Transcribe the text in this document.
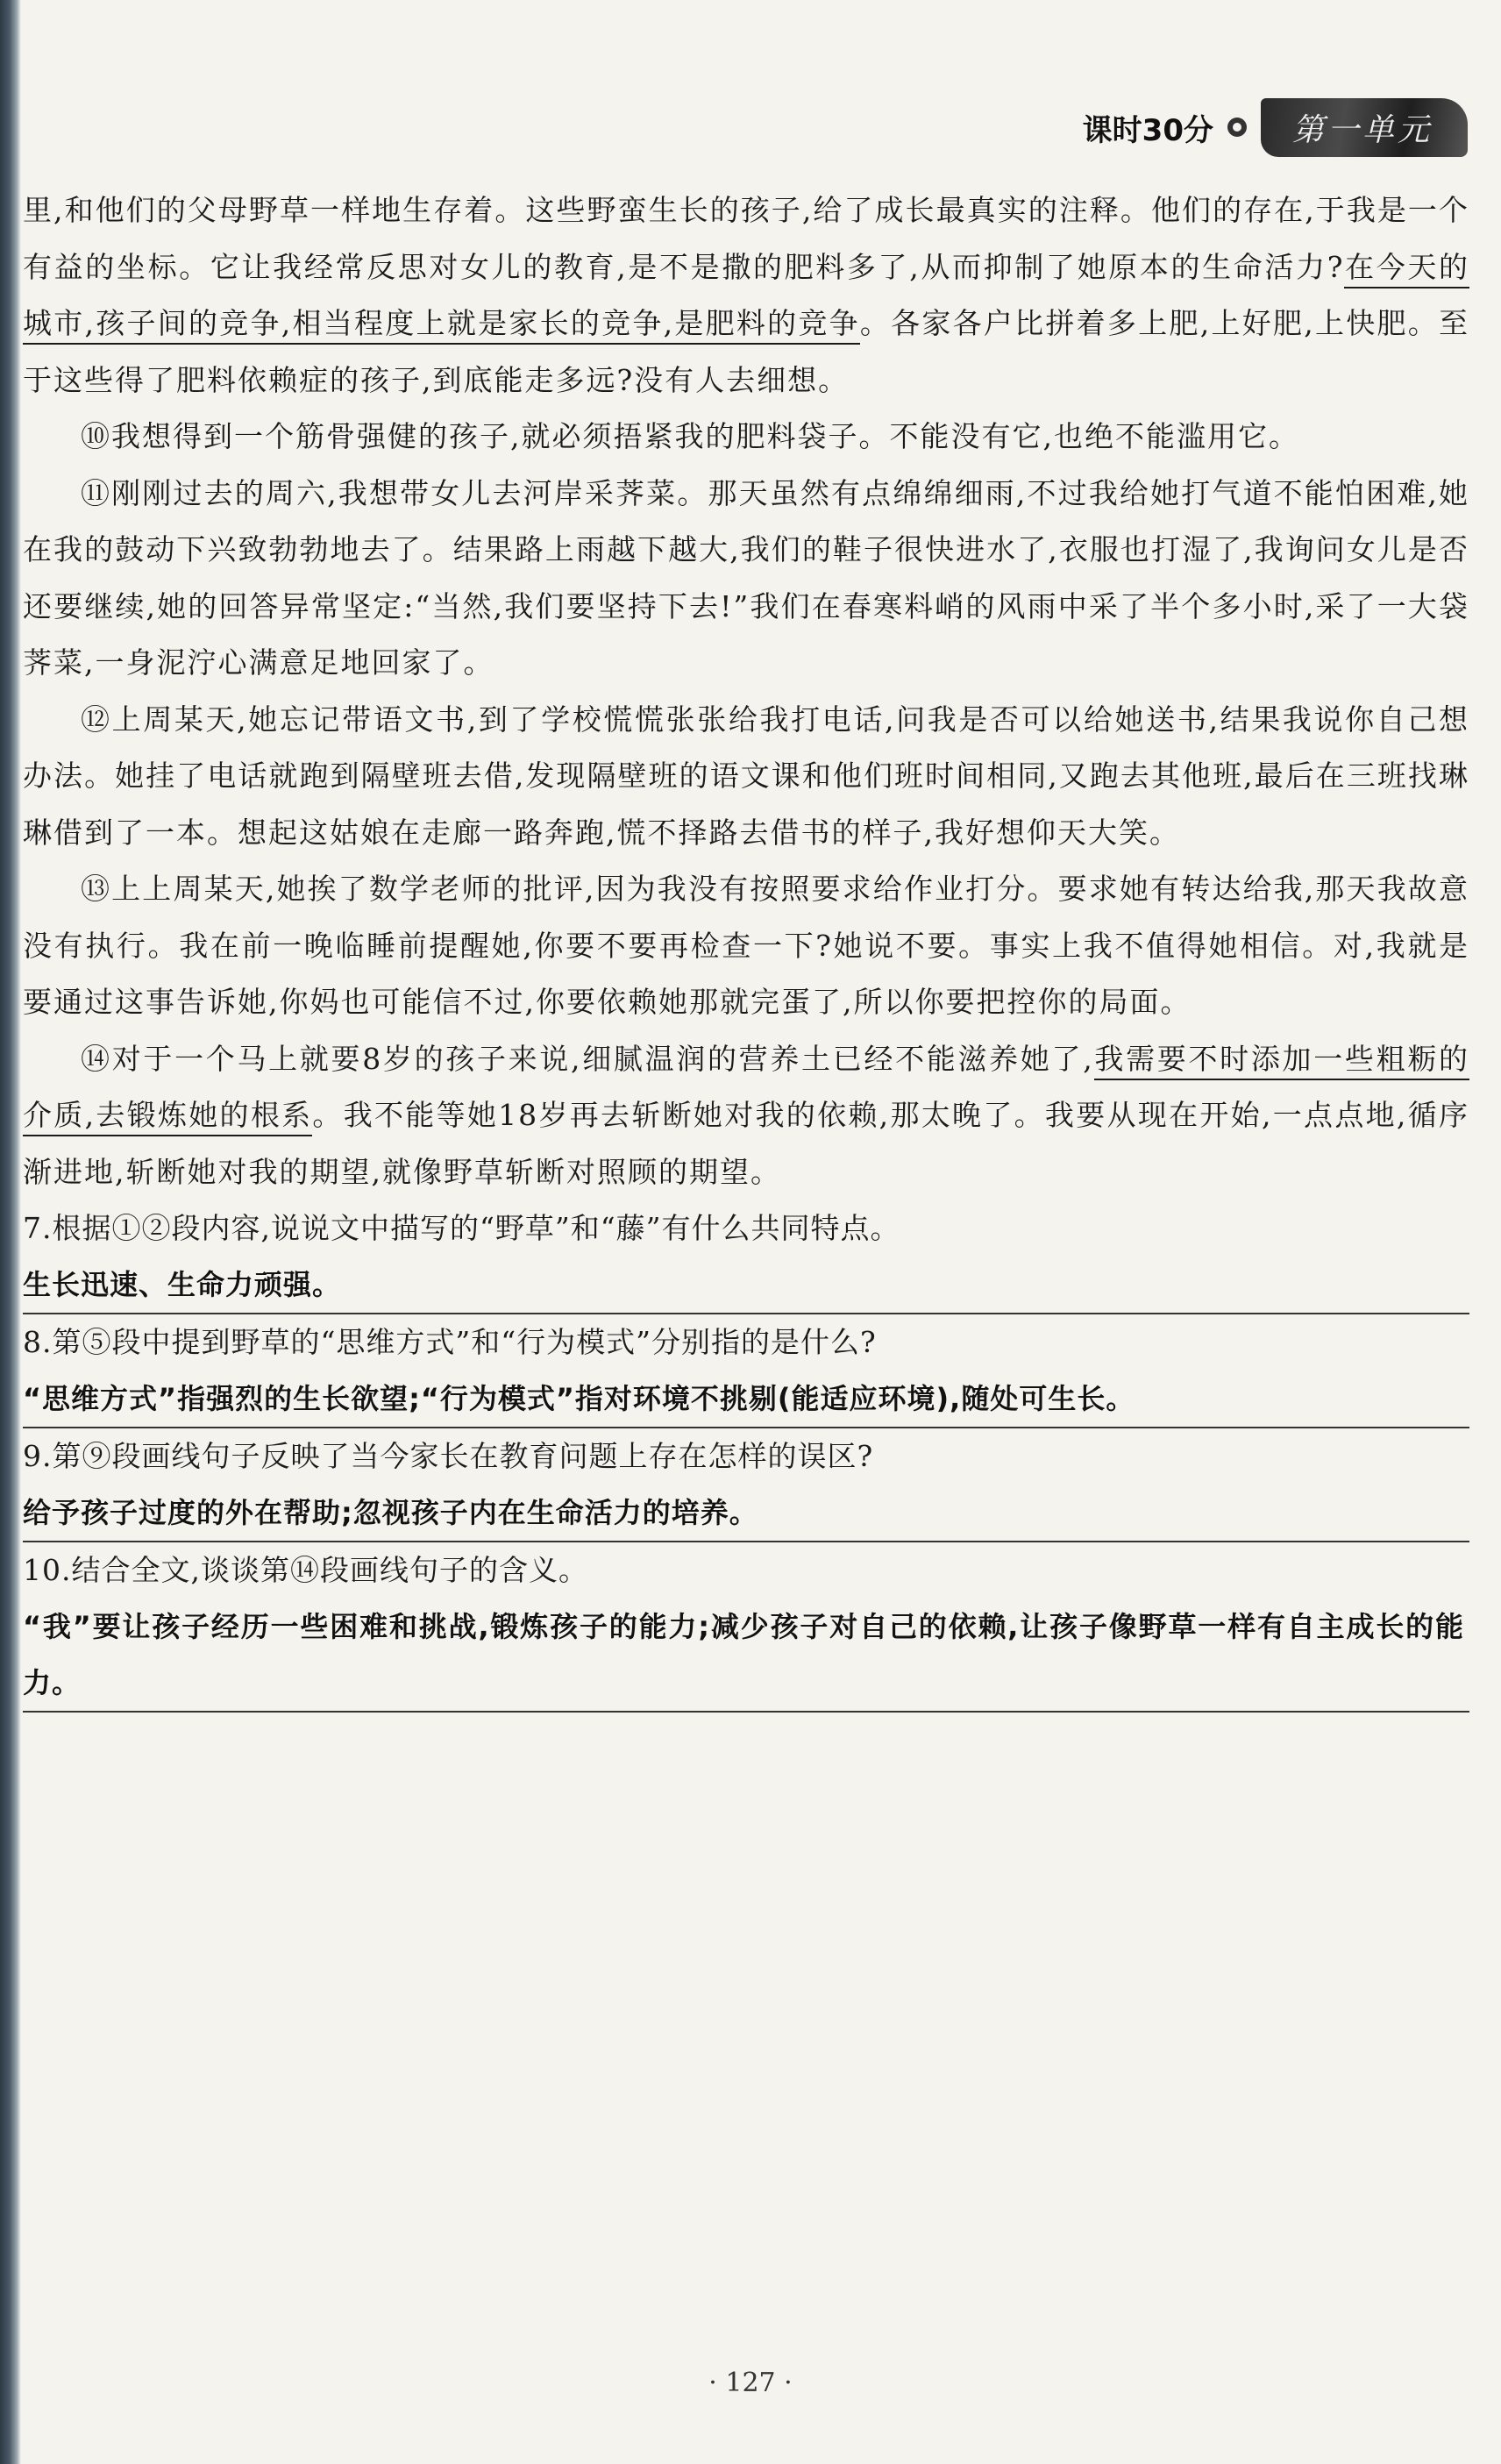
课时30分	第一单元

里,和他们的父母野草一样地生存着。这些野蛮生长的孩子,给了成长最真实的注释。他们的存在,于我是一个有益的坐标。它让我经常反思对女儿的教育,是不是撒的肥料多了,从而抑制了她原本的生命活力?在今天的城市,孩子间的竞争,相当程度上就是家长的竞争,是肥料的竞争。各家各户比拼着多上肥,上好肥,上快肥。至于这些得了肥料依赖症的孩子,到底能走多远?没有人去细想。

⑩我想得到一个筋骨强健的孩子,就必须捂紧我的肥料袋子。不能没有它,也绝不能滥用它。

⑪刚刚过去的周六,我想带女儿去河岸采荠菜。那天虽然有点绵绵细雨,不过我给她打气道不能怕困难,她在我的鼓动下兴致勃勃地去了。结果路上雨越下越大,我们的鞋子很快进水了,衣服也打湿了,我询问女儿是否还要继续,她的回答异常坚定:“当然,我们要坚持下去!”我们在春寒料峭的风雨中采了半个多小时,采了一大袋荠菜,一身泥泞心满意足地回家了。

⑫上周某天,她忘记带语文书,到了学校慌慌张张给我打电话,问我是否可以给她送书,结果我说你自己想办法。她挂了电话就跑到隔壁班去借,发现隔壁班的语文课和他们班时间相同,又跑去其他班,最后在三班找琳琳借到了一本。想起这姑娘在走廊一路奔跑,慌不择路去借书的样子,我好想仰天大笑。

⑬上上周某天,她挨了数学老师的批评,因为我没有按照要求给作业打分。要求她有转达给我,那天我故意没有执行。我在前一晚临睡前提醒她,你要不要再检查一下?她说不要。事实上我不值得她相信。对,我就是要通过这事告诉她,你妈也可能信不过,你要依赖她那就完蛋了,所以你要把控你的局面。

⑭对于一个马上就要8岁的孩子来说,细腻温润的营养土已经不能滋养她了,我需要不时添加一些粗粝的介质,去锻炼她的根系。我不能等她18岁再去斩断她对我的依赖,那太晚了。我要从现在开始,一点点地,循序渐进地,斩断她对我的期望,就像野草斩断对照顾的期望。

7.根据①②段内容,说说文中描写的“野草”和“藤”有什么共同特点。

生长迅速、生命力顽强。

8.第⑤段中提到野草的“思维方式”和“行为模式”分别指的是什么?

“思维方式”指强烈的生长欲望;“行为模式”指对环境不挑剔(能适应环境),随处可生长。

9.第⑨段画线句子反映了当今家长在教育问题上存在怎样的误区?

给予孩子过度的外在帮助;忽视孩子内在生命活力的培养。

10.结合全文,谈谈第⑭段画线句子的含义。

“我”要让孩子经历一些困难和挑战,锻炼孩子的能力;减少孩子对自己的依赖,让孩子像野草一样有自主成长的能力。

· 127 ·
